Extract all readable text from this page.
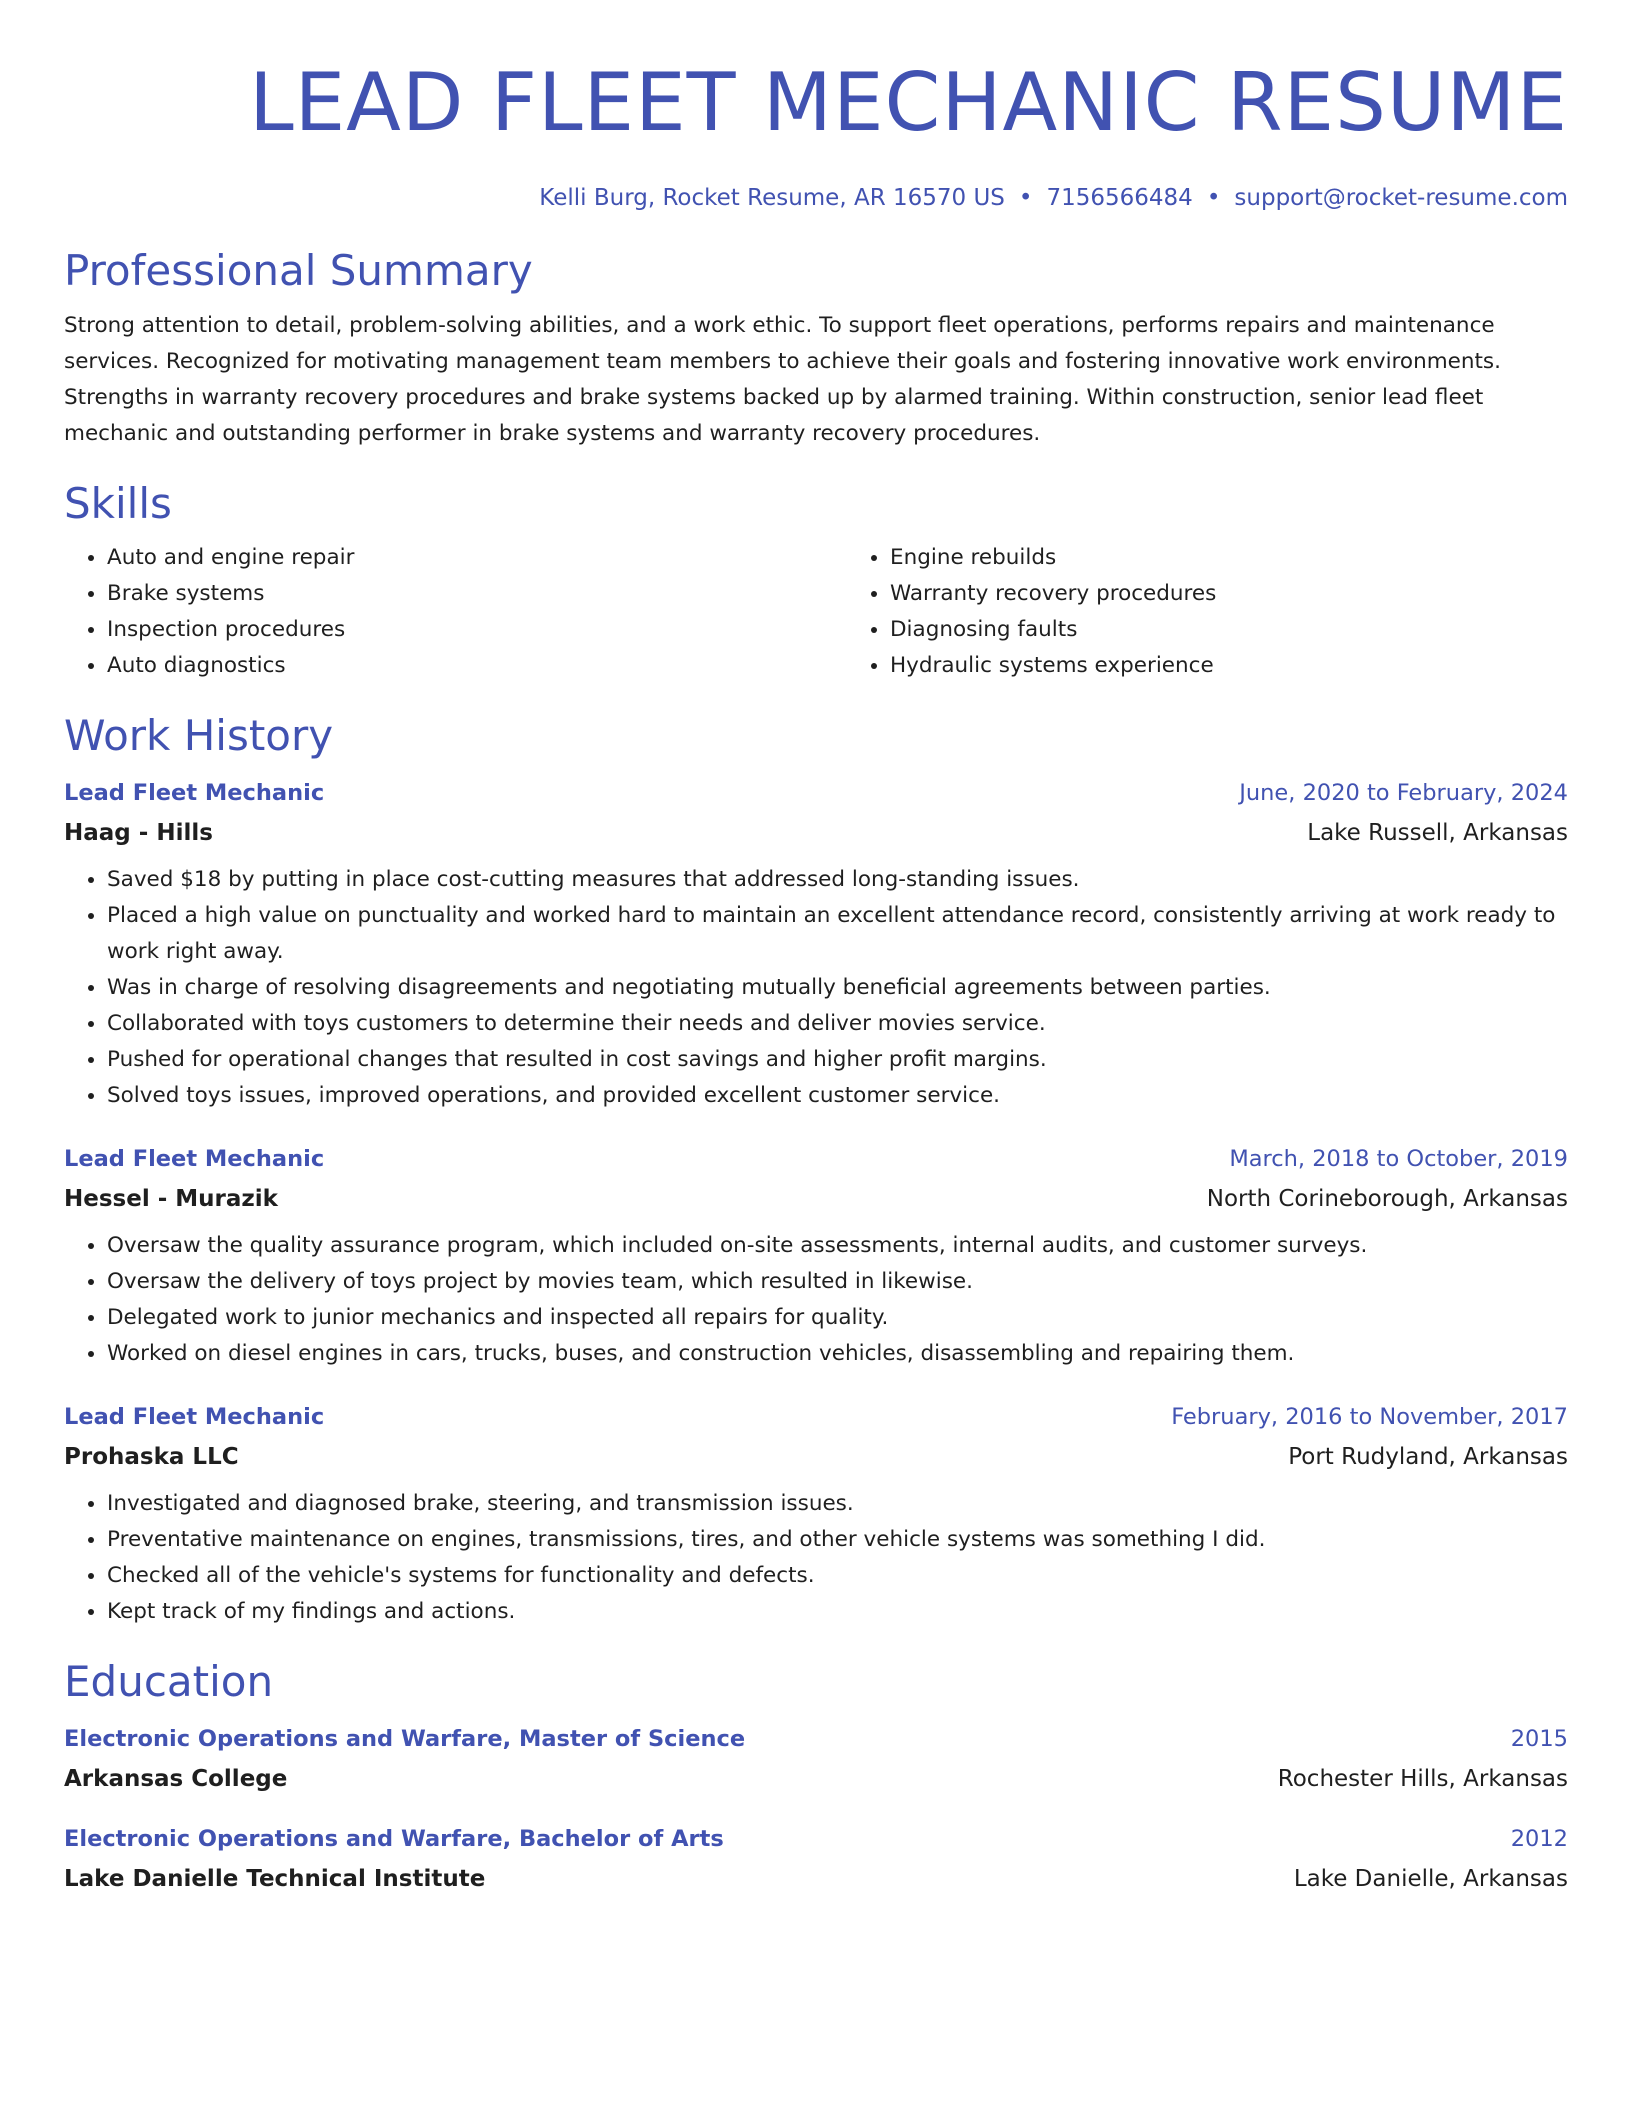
LEAD FLEET MECHANIC RESUME
Kelli Burg, Rocket Resume, AR 16570 US • 7156566484 • support@rocket-resume.com
Professional Summary

Strong attention to detail, problem-solving abilities, and a work ethic. To support fleet operations, performs repairs and maintenance services. Recognized for motivating management team members to achieve their goals and fostering innovative work environments. Strengths in warranty recovery procedures and brake systems backed up by alarmed training. Within construction, senior lead fleet mechanic and outstanding performer in brake systems and warranty recovery procedures.

Skills
• Auto and engine repair
• Brake systems
• Inspection procedures
• Auto diagnostics
• Engine rebuilds
• Warranty recovery procedures
• Diagnosing faults
• Hydraulic systems experience
Work History
Lead Fleet Mechanic	June, 2020 to February, 2024
Haag - Hills	Lake Russell, Arkansas
• Saved $18 by putting in place cost-cutting measures that addressed long-standing issues.
• Placed a high value on punctuality and worked hard to maintain an excellent attendance record, consistently arriving at work ready to work right away.
• Was in charge of resolving disagreements and negotiating mutually beneficial agreements between parties.
• Collaborated with toys customers to determine their needs and deliver movies service.
• Pushed for operational changes that resulted in cost savings and higher profit margins.
• Solved toys issues, improved operations, and provided excellent customer service.
Lead Fleet Mechanic	March, 2018 to October, 2019
Hessel - Murazik	North Corineborough, Arkansas
• Oversaw the quality assurance program, which included on-site assessments, internal audits, and customer surveys.
• Oversaw the delivery of toys project by movies team, which resulted in likewise.
• Delegated work to junior mechanics and inspected all repairs for quality.
• Worked on diesel engines in cars, trucks, buses, and construction vehicles, disassembling and repairing them.
Lead Fleet Mechanic	February, 2016 to November, 2017
Prohaska LLC	Port Rudyland, Arkansas
• Investigated and diagnosed brake, steering, and transmission issues.
• Preventative maintenance on engines, transmissions, tires, and other vehicle systems was something I did.
• Checked all of the vehicle's systems for functionality and defects.
• Kept track of my findings and actions.
Education
Electronic Operations and Warfare, Master of Science	2015
Arkansas College	Rochester Hills, Arkansas
Electronic Operations and Warfare, Bachelor of Arts	2012
Lake Danielle Technical Institute	Lake Danielle, Arkansas
